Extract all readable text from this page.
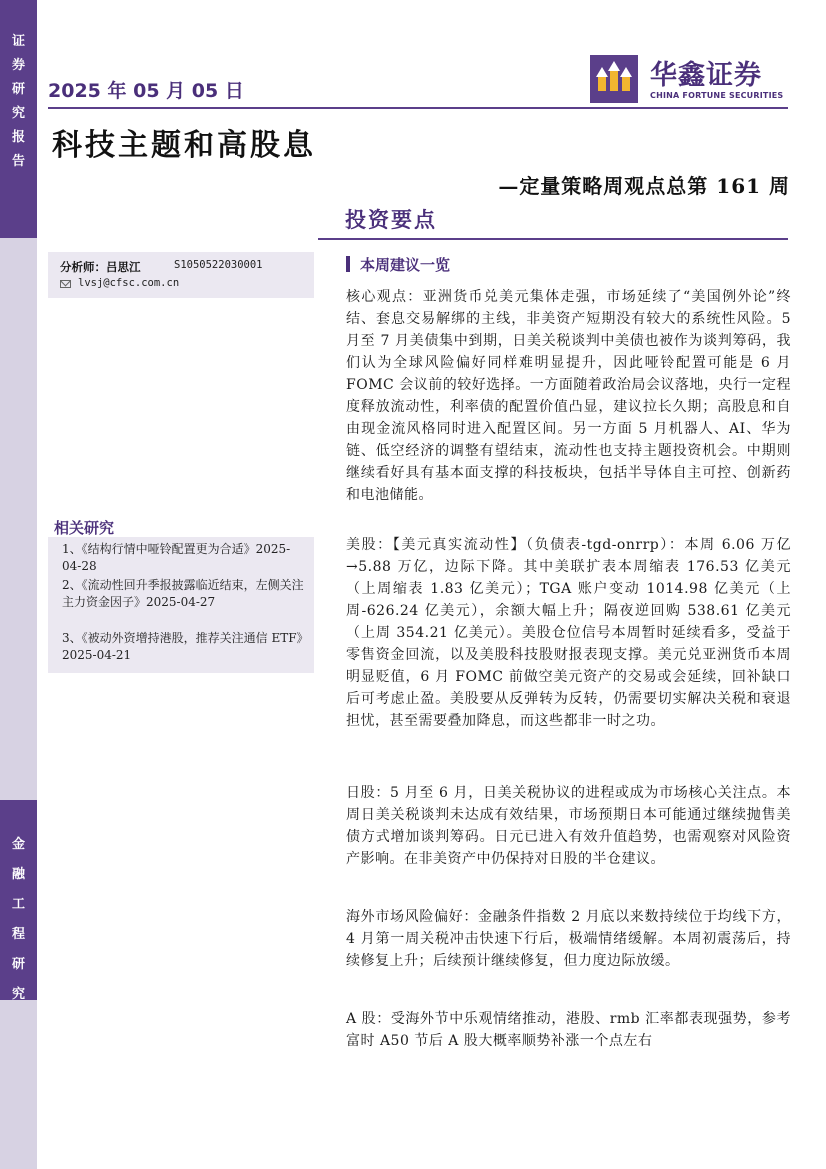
证
券
研
究
报
告
金
融
工
程
研
究
2025 年 05 月 05 日	华鑫证券
CHINA FORTUNE SECURITIES
科技主题和高股息
—定量策略周观点总第 161 周
投资要点
分析师：吕思江	S1050522030001
lvsj@cfsc.com.cn
相关研究
1、《结构行情中哑铃配置更为合适》2025-04-28
2、《流动性回升季报披露临近结束，左侧关注主力资金因子》2025-04-27
3、《被动外资增持港股，推荐关注通信 ETF》2025-04-21
本周建议一览
核心观点：亚洲货币兑美元集体走强，市场延续了“美国例外论”终结、套息交易解绑的主线，非美资产短期没有较大的系统性风险。5 月至 7 月美债集中到期，日美关税谈判中美债也被作为谈判筹码，我们认为全球风险偏好同样难明显提升，因此哑铃配置可能是 6 月 FOMC 会议前的较好选择。一方面随着政治局会议落地，央行一定程度释放流动性，利率债的配置价值凸显，建议拉长久期；高股息和自由现金流风格同时进入配置区间。另一方面 5 月机器人、AI、华为链、低空经济的调整有望结束，流动性也支持主题投资机会。中期则继续看好具有基本面支撑的科技板块，包括半导体自主可控、创新药和电池储能。
美股：【美元真实流动性】（负债表-tgd-onrrp）：本周 6.06 万亿→5.88 万亿，边际下降。其中美联扩表本周缩表 176.53 亿美元（上周缩表 1.83 亿美元）；TGA 账户变动 1014.98 亿美元（上周-626.24 亿美元），余额大幅上升；隔夜逆回购 538.61 亿美元（上周 354.21 亿美元）。美股仓位信号本周暂时延续看多，受益于零售资金回流，以及美股科技股财报表现支撑。美元兑亚洲货币本周明显贬值，6 月 FOMC 前做空美元资产的交易或会延续，回补缺口后可考虑止盈。美股要从反弹转为反转，仍需要切实解决关税和衰退担忧，甚至需要叠加降息，而这些都非一时之功。
日股：5 月至 6 月，日美关税协议的进程或成为市场核心关注点。本周日美关税谈判未达成有效结果，市场预期日本可能通过继续抛售美债方式增加谈判筹码。日元已进入有效升值趋势，也需观察对风险资产影响。在非美资产中仍保持对日股的半仓建议。
海外市场风险偏好：金融条件指数 2 月底以来数持续位于均线下方，4 月第一周关税冲击快速下行后，极端情绪缓解。本周初震荡后，持续修复上升；后续预计继续修复，但力度边际放缓。
A 股：受海外节中乐观情绪推动，港股、rmb 汇率都表现强势，参考富时 A50 节后 A 股大概率顺势补涨一个点左右
